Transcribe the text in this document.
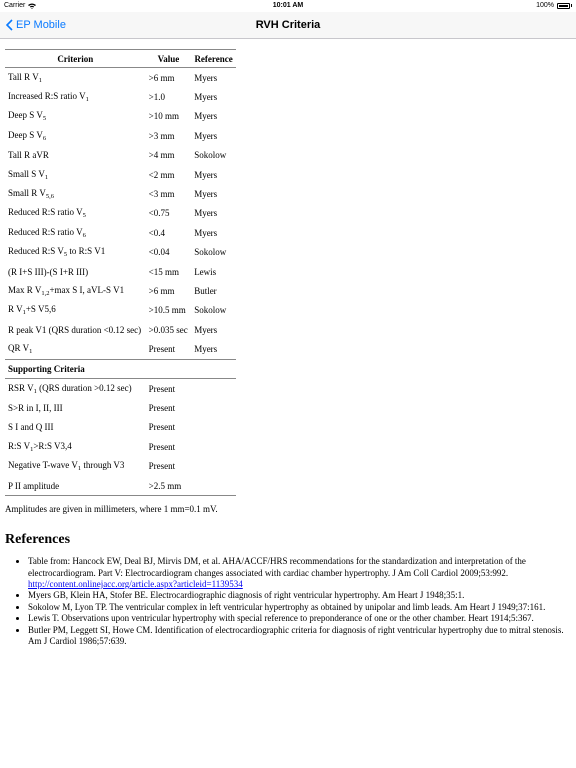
Carrier	10:01 AM	100%
EP Mobile	RVH Criteria
Criterion	Value	Reference
Tall R $V_1$	>6 mm	Myers
Increased R:S ratio $V_1$	>1.0	Myers
Deep S $V_5$	>10 mm	Myers
Deep S $V_6$	>3 mm	Myers
Tall R aVR	>4 mm	Sokolow
Small S $V_1$	<2 mm	Myers
Small R $V_{5,6}$	<3 mm	Myers
Reduced R:S ratio $V_5$	<0.75	Myers
Reduced R:S ratio $V_6$	<0.4	Myers
Reduced R:S $V_5$ to R:S V1	<0.04	Sokolow
(R I+S III)-(S I+R III)	<15 mm	Lewis
Max R $V_{1,2}+\max$ S I, aVL-S V1	>6 mm	Butler
R $V_1+S$ V5,6	>10.5 mm	Sokolow
R peak V1 (QRS duration <0.12 sec)	>0.035 sec	Myers
QR $V_1$	Present	Myers
Supporting Criteria		
RSR $V_1$ (QRS duration >0.12 sec)	Present	
S>R in I, II, III	Present	
S I and Q III	Present	
R:S $V_1>R:S$ V3,4	Present	
Negative T-wave $V_1$ through V3	Present	
P II amplitude	>2.5 mm	
Amplitudes are given in millimeters, where 1 mm=0.1 mV.
References
• Table from: Hancock EW, Deal BJ, Mirvis DM, et al. AHA/ACCF/HRS recommendations for the standardization and interpretation of the electrocardiogram. Part V: Electrocardiogram changes associated with cardiac chamber hypertrophy. J Am Coll Cardiol 2009;53:992. http://content.onlinejacc.org/article.aspx?articleid=1139534
• Myers GB, Klein HA, Stofer BE. Electrocardiographic diagnosis of right ventricular hypertrophy. Am Heart J 1948;35:1.
• Sokolow M, Lyon TP. The ventricular complex in left ventricular hypertrophy as obtained by unipolar and limb leads. Am Heart J 1949;37:161.
• Lewis T. Observations upon ventricular hypertrophy with special reference to preponderance of one or the other chamber. Heart 1914;5:367.
• Butler PM, Leggett SI, Howe CM. Identification of electrocardiographic criteria for diagnosis of right ventricular hypertrophy due to mitral stenosis. Am J Cardiol 1986;57:639.
